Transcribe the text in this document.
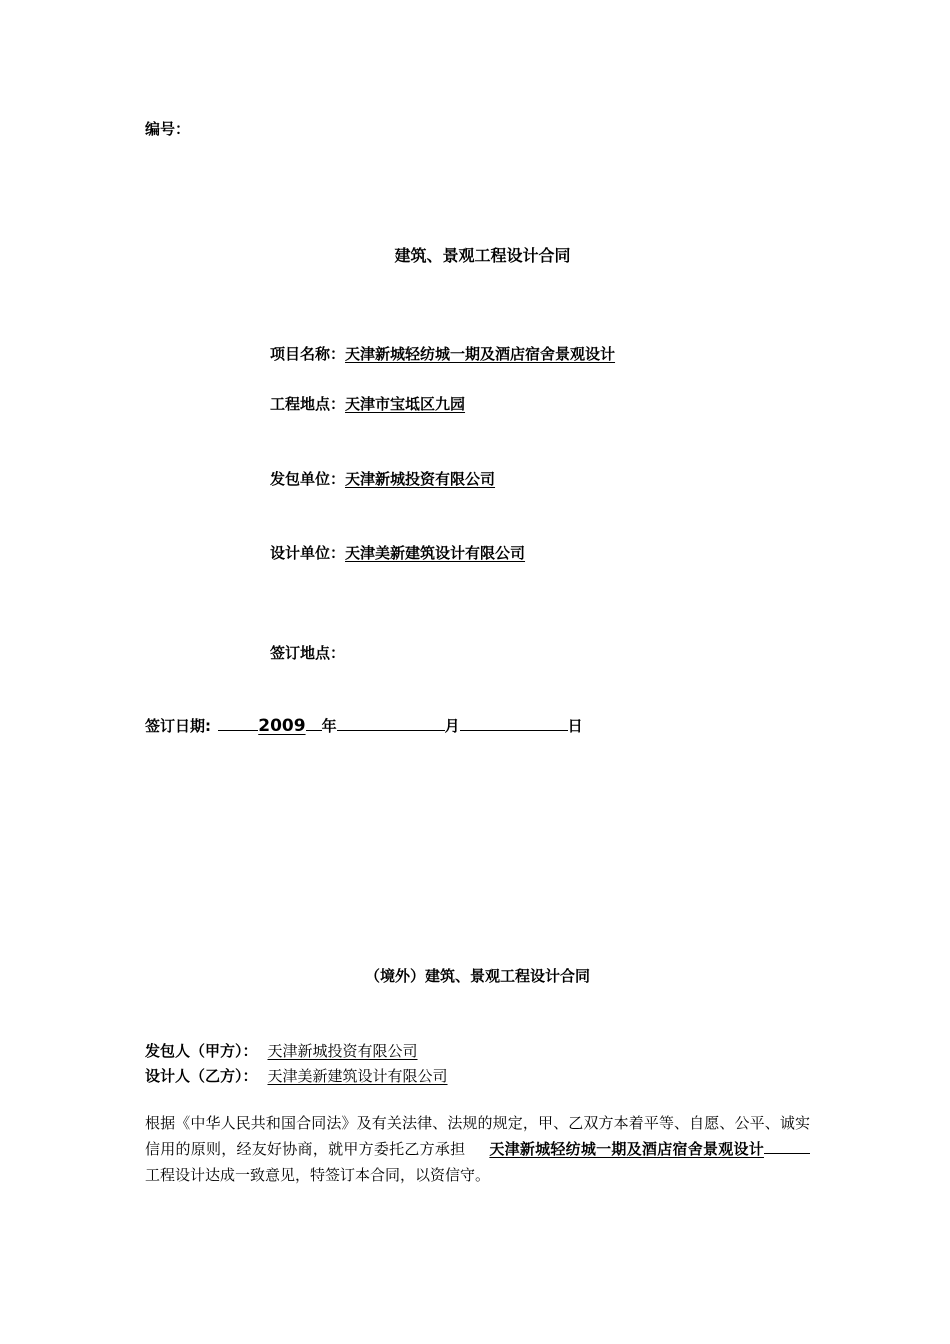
编号：
建筑、景观工程设计合同
项目名称：天津新城轻纺城一期及酒店宿舍景观设计
工程地点：天津市宝坻区九园
发包单位：天津新城投资有限公司
设计单位：天津美新建筑设计有限公司
签订地点：
签订日期:	2009 年	月	日
（境外）建筑、景观工程设计合同
发包人（甲方）： 天津新城投资有限公司
设计人（乙方）： 天津美新建筑设计有限公司
根据《中华人民共和国合同法》及有关法律、法规的规定，甲、乙双方本着平等、自愿、公平、诚实信用的原则，经友好协商，就甲方委托乙方承担 天津新城轻纺城一期及酒店宿舍景观设计工程设计达成一致意见，特签订本合同，以资信守。
